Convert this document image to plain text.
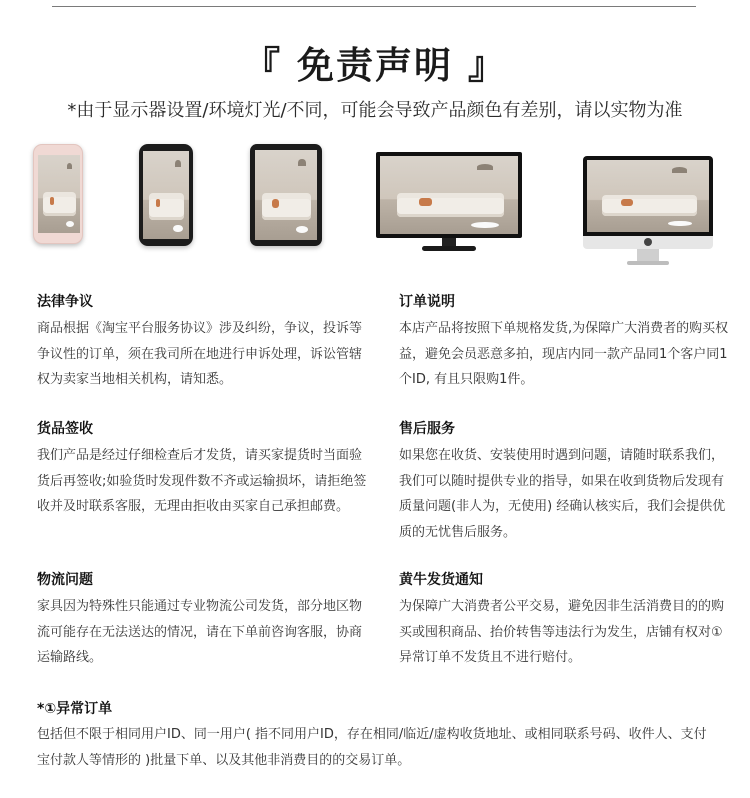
『 免责声明 』
*由于显示器设置/环境灯光/不同，可能会导致产品颜色有差别，请以实物为准
法律争议

商品根据《淘宝平台服务协议》涉及纠纷，争议，投诉等争议性的订单，须在我司所在地进行申诉处理，诉讼管辖权为卖家当地相关机构，请知悉。

货品签收

我们产品是经过仔细检查后才发货，请买家提货时当面验货后再签收;如验货时发现件数不齐或运输损坏，请拒绝签收并及时联系客服，无理由拒收由买家自己承担邮费。

物流问题

家具因为特殊性只能通过专业物流公司发货，部分地区物流可能存在无法送达的情况，请在下单前咨询客服，协商运输路线。

订单说明

本店产品将按照下单规格发货,为保障广大消费者的购买权益，避免会员恶意多拍，现店内同一款产品同1个客户同1个ID, 有且只限购1件。

售后服务

如果您在收货、安装使用时遇到问题，请随时联系我们，我们可以随时提供专业的指导，如果在收到货物后发现有质量问题(非人为，无使用) 经确认核实后，我们会提供优质的无忧售后服务。

黄牛发货通知

为保障广大消费者公平交易，避免因非生活消费目的的购买或囤积商品、抬价转售等违法行为发生，店铺有权对①异常订单不发货且不进行赔付。

*①异常订单

包括但不限于相同用户ID、同一用户( 指不同用户ID，存在相同/临近/虚构收货地址、或相同联系号码、收件人、支付宝付款人等情形的 )批量下单、以及其他非消费目的的交易订单。
